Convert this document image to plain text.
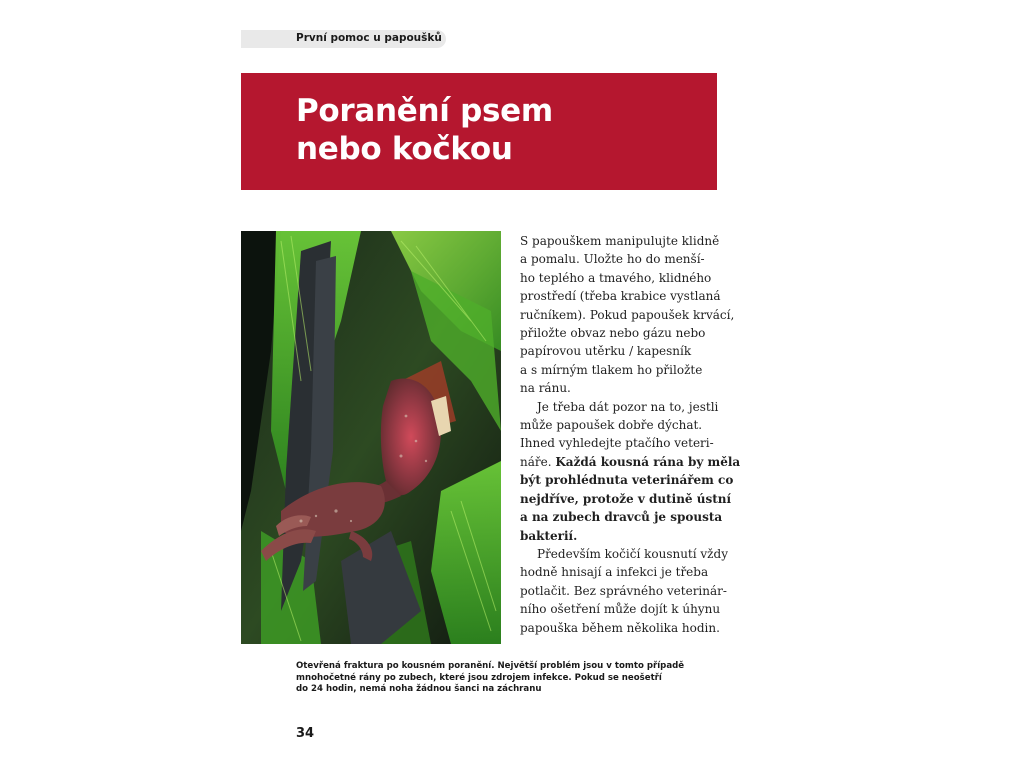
První pomoc u papoušků
Poranění psem
nebo kočkou

S papouškem manipulujte klidně
a pomalu. Uložte ho do menší-
ho teplého a tmavého, klidného
prostředí (třeba krabice vystlaná
ručníkem). Pokud papoušek krvácí,
přiložte obvaz nebo gázu nebo
papírovou utěrku / kapesník
a s mírným tlakem ho přiložte
na ránu.

Je třeba dát pozor na to, jestli
může papoušek dobře dýchat.
Ihned vyhledejte ptačího veteri-
náře. Každá kousná rána by měla
být prohlédnuta veterinářem co
nejdříve, protože v dutině ústní
a na zubech dravců je spousta
bakterií.

Především kočičí kousnutí vždy
hodně hnisají a infekci je třeba
potlačit. Bez správného veterinár-
ního ošetření může dojít k úhynu
papouška během několika hodin.

Otevřená fraktura po kousném poranění. Největší problém jsou v tomto případě
mnohočetné rány po zubech, které jsou zdrojem infekce. Pokud se neošetří
do 24 hodin, nemá noha žádnou šanci na záchranu
34
